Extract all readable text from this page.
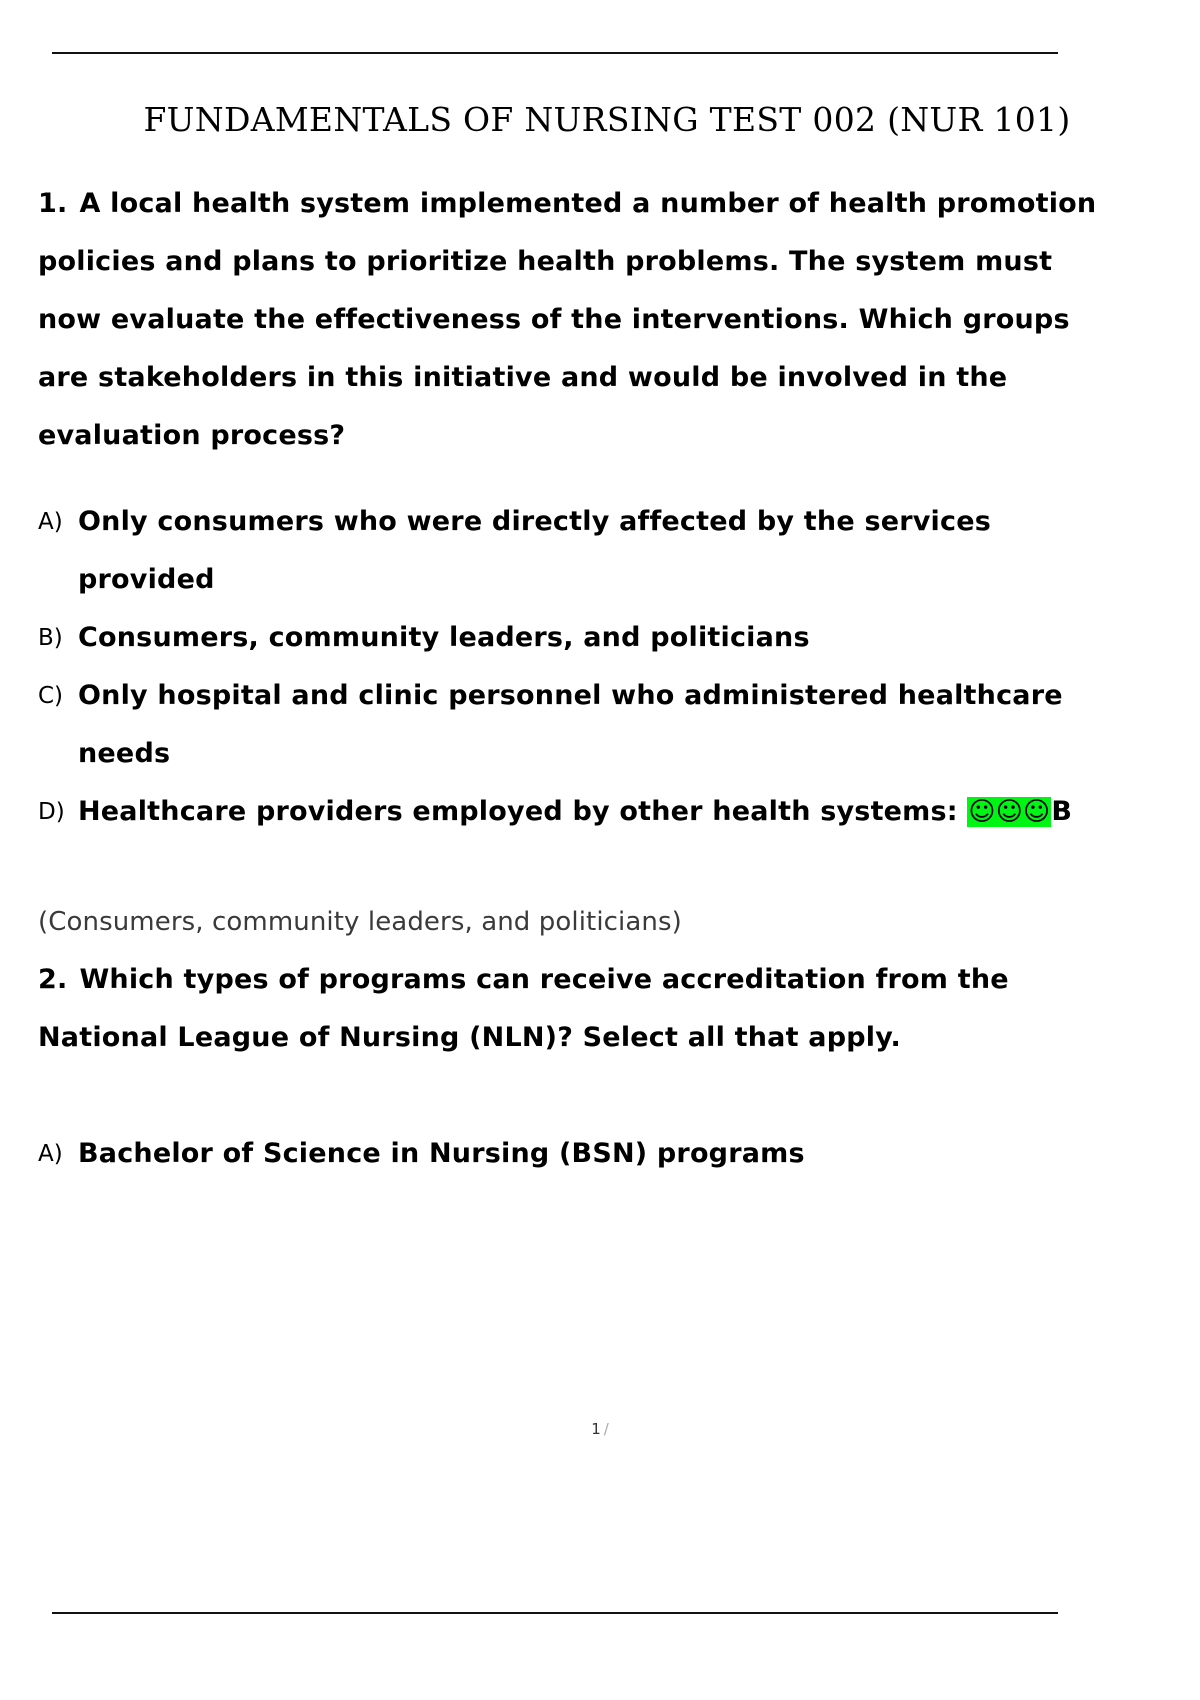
FUNDAMENTALS OF NURSING TEST 002 (NUR 101)

1. A local health system implemented a number of health promotion policies and plans to prioritize health problems. The system must now evaluate the effectiveness of the interventions. Which groups are stakeholders in this initiative and would be involved in the evaluation process?

A) Only consumers who were directly affected by the services provided
B) Consumers, community leaders, and politicians
C) Only hospital and clinic personnel who administered healthcare needs
D) Healthcare providers employed by other health systems: ☺☺☺B
(Consumers, community leaders, and politicians)

2. Which types of programs can receive accreditation from the National League of Nursing (NLN)? Select all that apply.

A) Bachelor of Science in Nursing (BSN) programs
1 /
